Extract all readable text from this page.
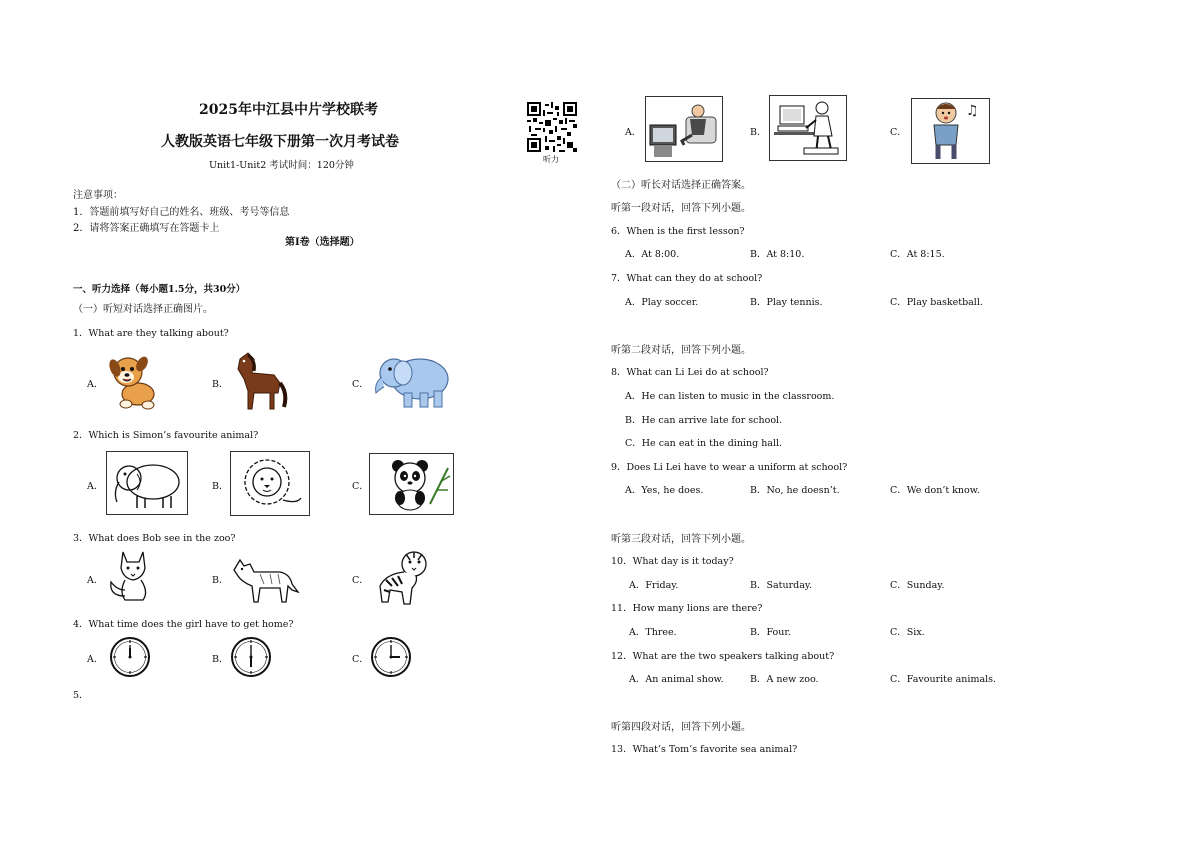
2025年中江县中片学校联考
人教版英语七年级下册第一次月考试卷
Unit1-Unit2 考试时间：120分钟
听力
注意事项：
1．答题前填写好自己的姓名、班级、考号等信息
2．请将答案正确填写在答题卡上
第Ⅰ卷（选择题）
一、听力选择（每小题1.5分，共30分）
（一）听短对话选择正确图片。
1．What are they talking about?
A．	B．	C．
2．Which is Simon’s favourite animal?
A．	B．	C．
3．What does Bob see in the zoo?
A．	B．	C．
4．What time does the girl have to get home?
A．	B．	C．
5．
A．	B．	C．
♫
（二）听长对话选择正确答案。
听第一段对话，回答下列小题。
6．When is the first lesson?
A．At 8:00.	B．At 8:10.	C．At 8:15.
7．What can they do at school?
A．Play soccer.	B．Play tennis.	C．Play basketball.
听第二段对话，回答下列小题。
8．What can Li Lei do at school?
A．He can listen to music in the classroom.
B．He can arrive late for school.
C．He can eat in the dining hall.
9．Does Li Lei have to wear a uniform at school?
A．Yes, he does.	B．No, he doesn’t.	C．We don’t know.
听第三段对话，回答下列小题。
10．What day is it today?
A．Friday.	B．Saturday.	C．Sunday.
11．How many lions are there?
A．Three.	B．Four.	C．Six.
12．What are the two speakers talking about?
A．An animal show.	B．A new zoo.	C．Favourite animals.
听第四段对话，回答下列小题。
13．What’s Tom’s favorite sea animal?
